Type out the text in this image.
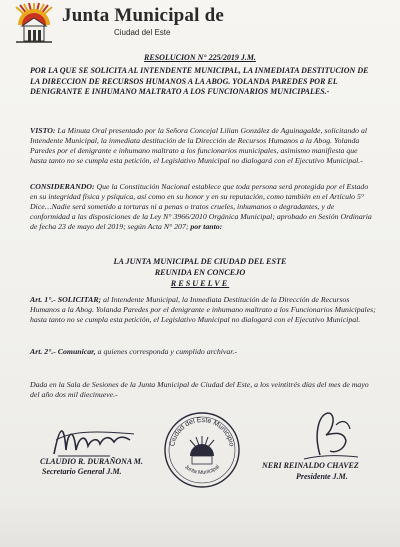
Junta Municipal de
Ciudad del Este
RESOLUCION N° 225/2019 J.M.
POR LA QUE SE SOLICITA AL INTENDENTE MUNICIPAL, LA INMEDIATA DESTITUCION DE LA DIRECCION DE RECURSOS HUMANOS A LA ABOG. YOLANDA PAREDES POR EL DENIGRANTE E INHUMANO MALTRATO A LOS FUNCIONARIOS MUNICIPALES.-
VISTO: La Minuta Oral presentado por la Señora Concejal Lilian González de Aguinagalde, solicitando al Intendente Municipal, la inmediata destitución de la Dirección de Recursos Humanos a la Abog. Yolanda Paredes por el denigrante e inhumano maltrato a los funcionarios municipales, asimismo manifiesta que hasta tanto no se cumpla esta petición, el Legislativo Municipal no dialogará con el Ejecutivo Municipal.-
CONSIDERANDO: Que la Constitución Nacional establece que toda persona será protegida por el Estado en su integridad física y psíquica, así como en su honor y en su reputación, como también en el Artículo 5° Dice…Nadie será sometido a torturas ni a penas o tratos crueles, inhumanos o degradantes, y de conformidad a las disposiciones de la Ley N° 3966/2010 Orgánica Municipal; aprobado en Sesión Ordinaria de fecha 23 de mayo del 2019; según Acta N° 207; por tanto:
LA JUNTA MUNICIPAL DE CIUDAD DEL ESTE
REUNIDA EN CONCEJO
RESUELVE
Art. 1°.- SOLICITAR; al Intendente Municipal, la Inmediata Destitución de la Dirección de Recursos Humanos a la Abog. Yolanda Paredes por el denigrante e inhumano maltrato a los Funcionarios Municipales; hasta tanto no se cumpla esta petición, el Legislativo Municipal no dialogará con el Ejecutivo Municipal.
Art. 2°.- Comunicar, a quienes corresponda y cumplido archivar.-
Dada en la Sala de Sesiones de la Junta Municipal de Ciudad del Este, a los veintitrés días del mes de mayo del año dos mil diecinueve.-
CLAUDIO R. DURAÑONA M.
Secretario General J.M.
Ciudad del Este Municipio
Junta Municipal	NERI REINALDO CHAVEZ
Presidente J.M.
